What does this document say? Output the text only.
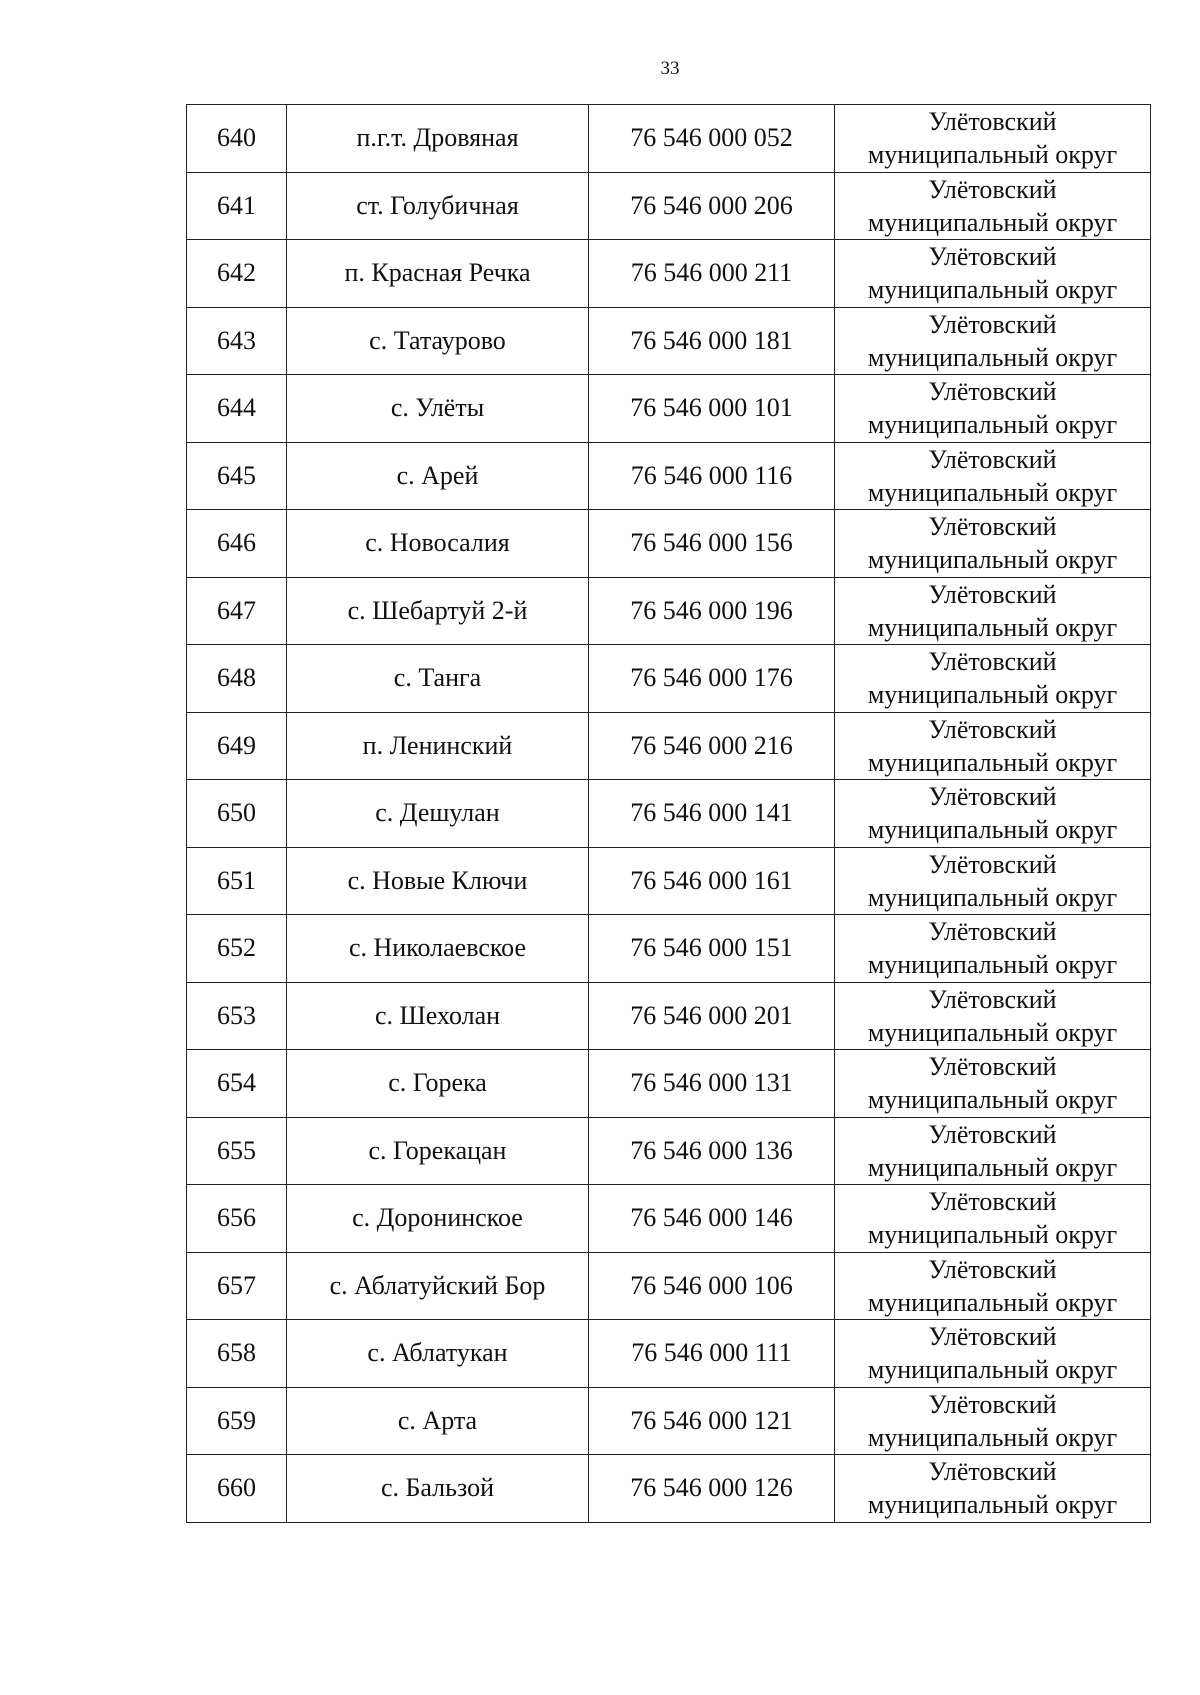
33
640	п.г.т. Дровяная	76 546 000 052	Улётовский
муниципальный округ

641	ст. Голубичная	76 546 000 206	Улётовский
муниципальный округ

642	п. Красная Речка	76 546 000 211	Улётовский
муниципальный округ

643	с. Татаурово	76 546 000 181	Улётовский
муниципальный округ

644	с. Улёты	76 546 000 101	Улётовский
муниципальный округ

645	с. Арей	76 546 000 116	Улётовский
муниципальный округ

646	с. Новосалия	76 546 000 156	Улётовский
муниципальный округ

647	с. Шебартуй 2-й	76 546 000 196	Улётовский
муниципальный округ

648	с. Танга	76 546 000 176	Улётовский
муниципальный округ

649	п. Ленинский	76 546 000 216	Улётовский
муниципальный округ

650	с. Дешулан	76 546 000 141	Улётовский
муниципальный округ

651	с. Новые Ключи	76 546 000 161	Улётовский
муниципальный округ

652	с. Николаевское	76 546 000 151	Улётовский
муниципальный округ

653	с. Шехолан	76 546 000 201	Улётовский
муниципальный округ

654	с. Горека	76 546 000 131	Улётовский
муниципальный округ

655	с. Горекацан	76 546 000 136	Улётовский
муниципальный округ

656	с. Доронинское	76 546 000 146	Улётовский
муниципальный округ

657	с. Аблатуйский Бор	76 546 000 106	Улётовский
муниципальный округ

658	с. Аблатукан	76 546 000 111	Улётовский
муниципальный округ

659	с. Арта	76 546 000 121	Улётовский
муниципальный округ

660	с. Бальзой	76 546 000 126	Улётовский
муниципальный округ
